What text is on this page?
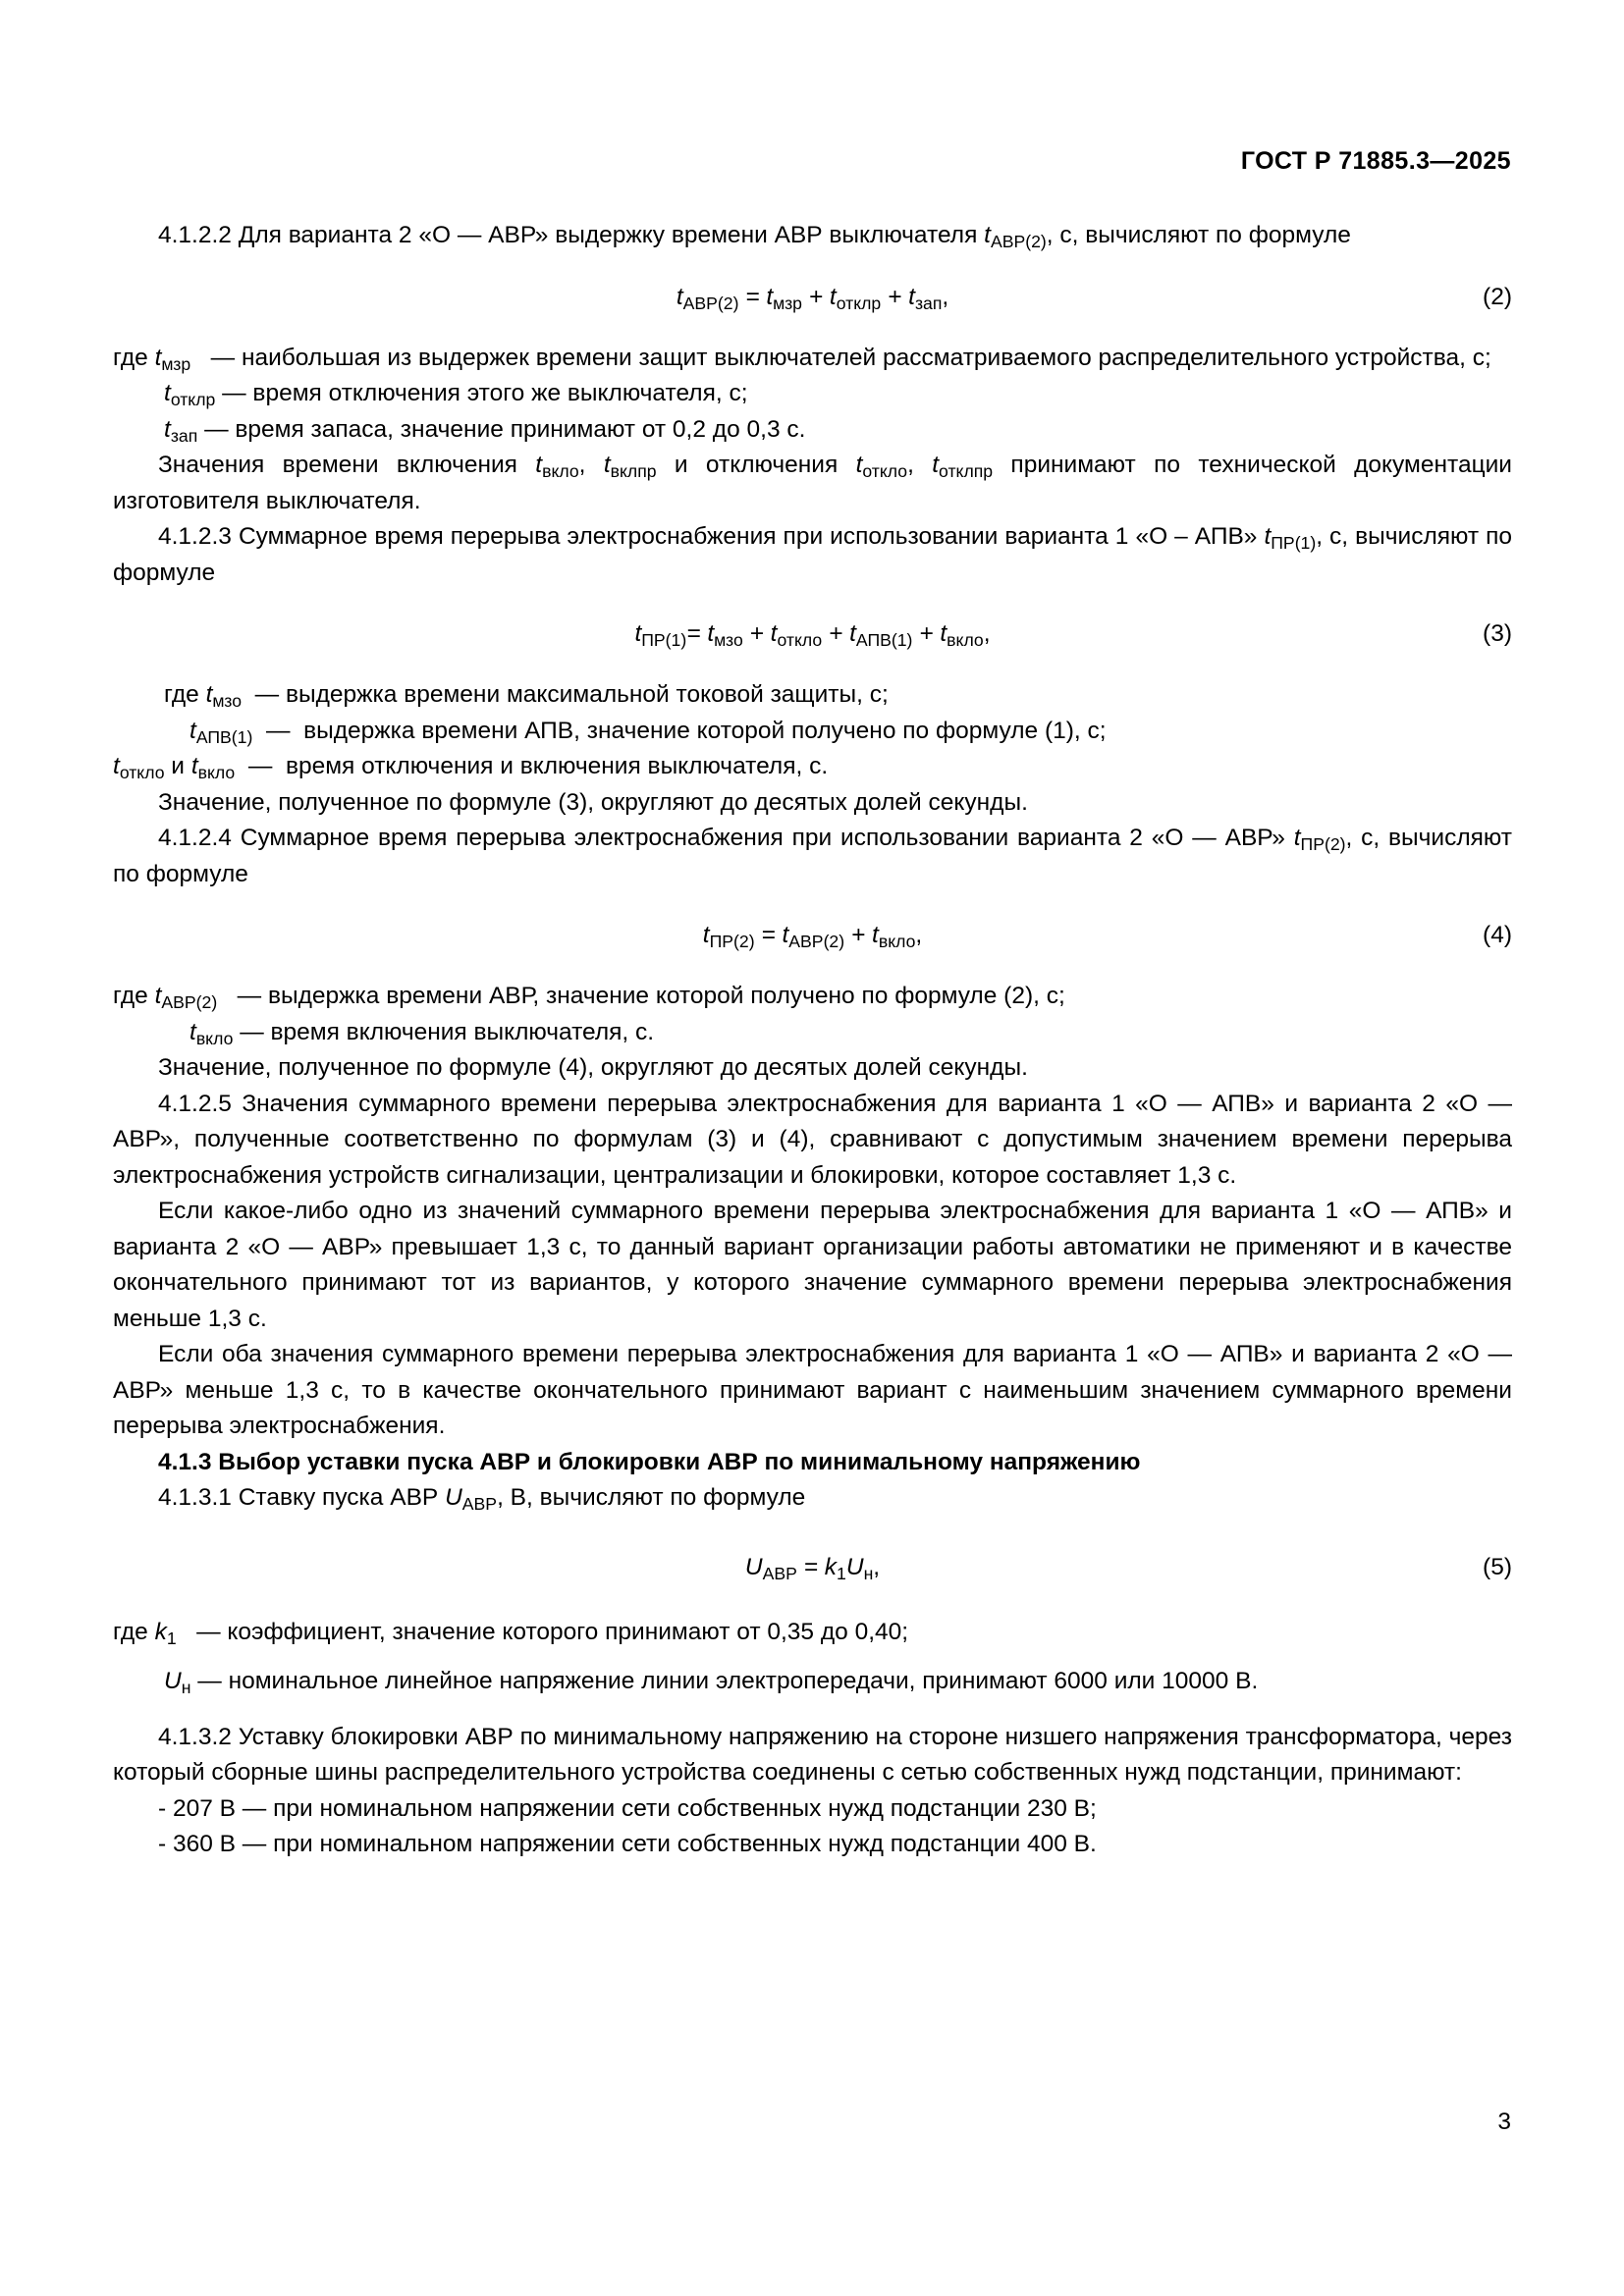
ГОСТ Р 71885.3—2025

4.1.2.2 Для варианта 2 «О — АВР» выдержку времени АВР выключателя $t_{АВР(2)}$, с, вычисляют по формуле

$t_{АВР(2)} = t_{мзр} + t_{отклр} + t_{зап}$,	(2)
где $t_{мзр}$ — наибольшая из выдержек времени защит выключателей рассматриваемого распределительного устройства, с;
$t_{отклр}$ — время отключения этого же выключателя, с;
$t_{зап}$ — время запаса, значение принимают от 0,2 до 0,3 с.

Значения времени включения $t_{вкло}$, $t_{вклпр}$ и отключения $t_{откло}$, $t_{отклпр}$ принимают по технической документации изготовителя выключателя.

4.1.2.3 Суммарное время перерыва электроснабжения при использовании варианта 1 «О – АПВ» $t_{ПР(1)}$, с, вычисляют по формуле

$t_{ПР(1)}= t_{мзо} + t_{откло} + t_{АПВ(1)} + t_{вкло}$,	(3)
где $t_{мзо}$ — выдержка времени максимальной токовой защиты, с;
$t_{АПВ(1)}$ — выдержка времени АПВ, значение которой получено по формуле (1), с;
$t_{откло}$ и $t_{вкло}$ — время отключения и включения выключателя, с.

Значение, полученное по формуле (3), округляют до десятых долей секунды.

4.1.2.4 Суммарное время перерыва электроснабжения при использовании варианта 2 «О — АВР» $t_{ПР(2)}$, с, вычисляют по формуле

$t_{ПР(2)} = t_{АВР(2)} + t_{вкло}$,	(4)
где $t_{АВР(2)}$ — выдержка времени АВР, значение которой получено по формуле (2), с;
$t_{вкло}$ — время включения выключателя, с.

Значение, полученное по формуле (4), округляют до десятых долей секунды.

4.1.2.5 Значения суммарного времени перерыва электроснабжения для варианта 1 «О — АПВ» и варианта 2 «О — АВР», полученные соответственно по формулам (3) и (4), сравнивают с допустимым значением времени перерыва электроснабжения устройств сигнализации, централизации и блокировки, которое составляет 1,3 с.

Если какое-либо одно из значений суммарного времени перерыва электроснабжения для варианта 1 «О — АПВ» и варианта 2 «О — АВР» превышает 1,3 с, то данный вариант организации работы автоматики не применяют и в качестве окончательного принимают тот из вариантов, у которого значение суммарного времени перерыва электроснабжения меньше 1,3 с.

Если оба значения суммарного времени перерыва электроснабжения для варианта 1 «О — АПВ» и варианта 2 «О — АВР» меньше 1,3 с, то в качестве окончательного принимают вариант с наименьшим значением суммарного времени перерыва электроснабжения.

4.1.3 Выбор уставки пуска АВР и блокировки АВР по минимальному напряжению

4.1.3.1 Ставку пуска АВР $U_{АВР}$, В, вычисляют по формуле

$U_{АВР} = k_1U_н$,	(5)
где $k_1$ — коэффициент, значение которого принимают от 0,35 до 0,40;
$U_н$ — номинальное линейное напряжение линии электропередачи, принимают 6000 или 10000 В.

4.1.3.2 Уставку блокировки АВР по минимальному напряжению на стороне низшего напряжения трансформатора, через который сборные шины распределительного устройства соединены с сетью собственных нужд подстанции, принимают:

- 207 В — при номинальном напряжении сети собственных нужд подстанции 230 В;
- 360 В — при номинальном напряжении сети собственных нужд подстанции 400 В.
3
